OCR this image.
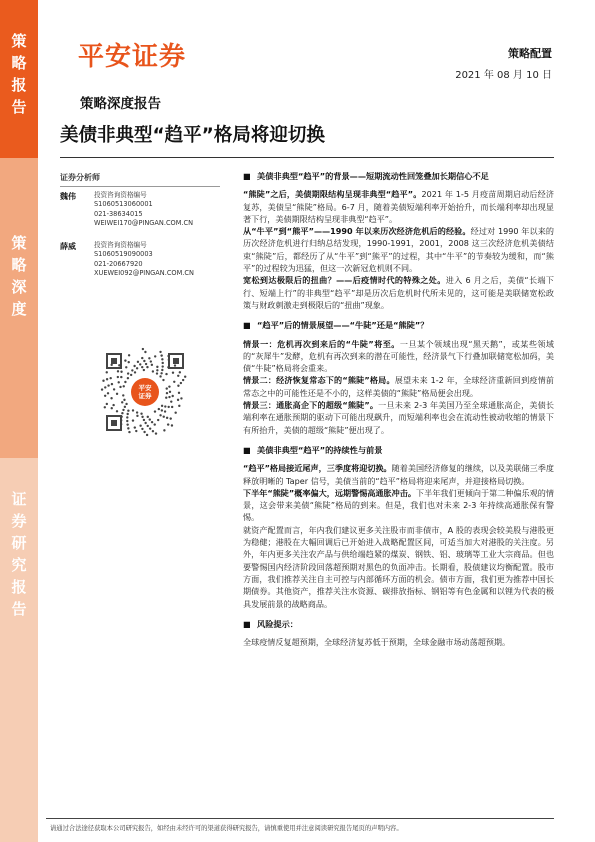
策
略
报
告
策
略
深
度
证
券
研
究
报
告
平安证券
策略深度报告
美债非典型“趋平”格局将迎切换
策略配置
2021 年 08 月 10 日
证券分析师
魏伟	投资咨询资格编号
S1060513060001
021-38634015
WEIWEI170@PINGAN.COM.CN
薛威	投资咨询资格编号
S1060519090003
021-20667920
XUEWEI092@PINGAN.COM.CN
平安
证券
■ 美债非典型“趋平”的背景——短期流动性回笼叠加长期信心不足

“熊陡”之后，美债期限结构呈现非典型“趋平”。2021 年 1-5 月疫苗周期启动后经济复苏，美债呈“熊陡”格局。6-7 月，随着美债短端利率开始抬升，而长端利率却出现显著下行，美债期限结构呈现非典型“趋平”。

从“牛平”到“熊平”——1990 年以来历次经济危机后的经验。经过对 1990 年以来的历次经济危机进行归纳总结发现，1990-1991，2001，2008 这三次经济危机美债结束“熊陡”后，都经历了从“牛平”到“熊平”的过程，其中“牛平”的节奏较为缓和，而“熊平”的过程较为迅猛，但这一次新冠危机则不同。

宽松到达极限后的扭曲？——后疫情时代的特殊之处。进入 6 月之后，美债“长端下行、短端上行”的非典型“趋平”却是历次后危机时代所未见的，这可能是美联储宽松政策与财政刺激走到极限后的“扭曲”现象。

■ “趋平”后的情景展望——“牛陡”还是“熊陡”？

情景一：危机再次到来后的“牛陡”将至。一旦某个领域出现“黑天鹅”，或某些领域的“灰犀牛”发酵，危机有再次到来的潜在可能性，经济景气下行叠加联储宽松加码，美债“牛陡”格局将会重来。

情景二：经济恢复常态下的“熊陡”格局。展望未来 1-2 年，全球经济重新回到疫情前常态之中的可能性还是不小的，这样美债的“熊陡”格局便会出现。

情景三：通胀高企下的超级“熊陡”。一旦未来 2-3 年美国乃至全球通胀高企，美债长端利率在通胀预期的驱动下可能出现飙升，而短端利率也会在流动性被动收缩的情景下有所抬升，美债的超级“熊陡”便出现了。

■ 美债非典型“趋平”的持续性与前景

“趋平”格局接近尾声，三季度将迎切换。随着美国经济修复的继续，以及美联储三季度释放明晰的 Taper 信号，美债当前的“趋平”格局将迎来尾声，并迎接格局切换。

下半年“熊陡”概率偏大，远期警惕高通胀冲击。下半年我们更倾向于第二种偏乐观的情景，这会带来美债“熊陡”格局的到来。但是，我们也对未来 2-3 年持续高通胀保有警惕。

就资产配置而言，年内我们建议更多关注股市而非债市，A 股的表现会较美股与港股更为稳健；港股在大幅回调后已开始进入战略配置区间，可适当加大对港股的关注度。另外，年内更多关注农产品与供给端趋紧的煤炭、钢铁、铝、玻璃等工业大宗商品。但也要警惕国内经济阶段回落超预期对黑色的负面冲击。长期看，股债建议均衡配置。股市方面，我们推荐关注自主可控与内部循环方面的机会。债市方面，我们更为推荐中国长期债券。其他资产，推荐关注水资源、碳排放指标、钢铝等有色金属和以锂为代表的极具发展前景的战略商品。

■ 风险提示：

全球疫情反复超预期，全球经济复苏低于预期，全球金融市场动荡超预期。

请通过合法途径获取本公司研究报告，如经由未经许可的渠道获得研究报告，请慎重使用并注意阅读研究报告尾页的声明内容。
